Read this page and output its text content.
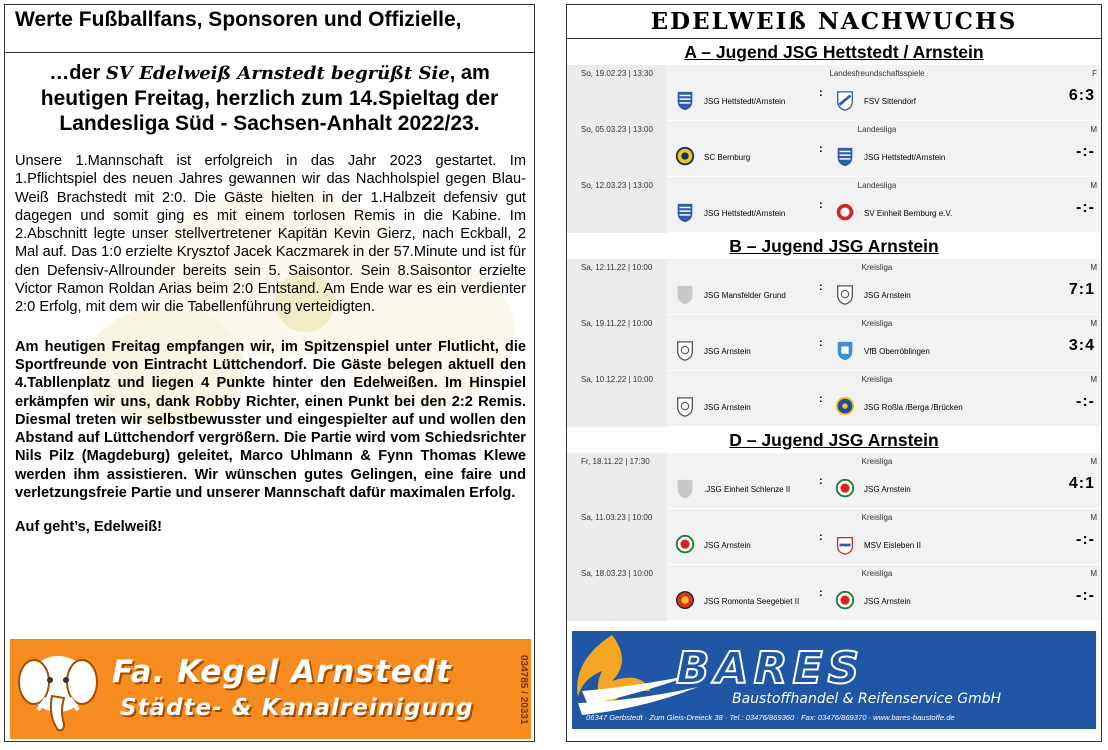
Werte Fußballfans, Sponsoren und Offizielle,
…der SV Edelweiß Arnstedt begrüßt Sie, am
heutigen Freitag, herzlich zum 14.Spieltag der
Landesliga Süd - Sachsen-Anhalt 2022/23.

Unsere 1.Mannschaft ist erfolgreich in das Jahr 2023 gestartet. Im 1.Pflichtspiel des neuen Jahres gewannen wir das Nachholspiel gegen Blau-Weiß Brachstedt mit 2:0. Die Gäste hielten in der 1.Halbzeit defensiv gut dagegen und somit ging es mit einem torlosen Remis in die Kabine. Im 2.Abschnitt legte unser stellvertretener Kapitän Kevin Gierz, nach Eckball, 2 Mal auf. Das 1:0 erzielte Krysztof Jacek Kaczmarek in der 57.Minute und ist für den Defensiv-Allrounder bereits sein 5. Saisontor. Sein 8.Saisontor erzielte Victor Ramon Roldan Arias beim 2:0 Entstand. Am Ende war es ein verdienter 2:0 Erfolg, mit dem wir die Tabellenführung verteidigten.

Am heutigen Freitag empfangen wir, im Spitzenspiel unter Flutlicht, die Sportfreunde von Eintracht Lüttchendorf. Die Gäste belegen aktuell den 4.Tabllenplatz und liegen 4 Punkte hinter den Edelweißen. Im Hinspiel erkämpfen wir uns, dank Robby Richter, einen Punkt bei den 2:2 Remis. Diesmal treten wir selbstbewusster und eingespielter auf und wollen den Abstand auf Lüttchendorf vergrößern. Die Partie wird vom Schiedsrichter Nils Pilz (Magdeburg) geleitet, Marco Uhlmann & Fynn Thomas Klewe werden ihm assistieren. Wir wünschen gutes Gelingen, eine faire und verletzungsfreie Partie und unserer Mannschaft dafür maximalen Erfolg.

Auf geht’s, Edelweiß!

Fa. Kegel Arnstedt
Städte- & Kanalreinigung	034785 / 20331
EDELWEIß NACHWUCHS
A – Jugend JSG Hettstedt / Arnstein
So, 19.02.23 | 13:30	Landesfreundschaftsspiele	F
JSG Hettstedt/Arnstein
:
FSV Sittendorf	6:3
So, 05.03.23 | 13:00	Landesliga	M
SC Bernburg
:
JSG Hettstedt/Arnstein	-:-
So, 12.03.23 | 13:00	Landesliga	M
JSG Hettstedt/Arnstein
:
SV Einheit Bernburg e.V.	-:-
B – Jugend JSG Arnstein
Sa, 12.11.22 | 10:00	Kreisliga	M
JSG Mansfelder Grund
:
JSG Arnstein	7:1
Sa, 19.11.22 | 10:00	Kreisliga	M
JSG Arnstein
:
VfB Oberröblingen	3:4
Sa, 10.12.22 | 10:00	Kreisliga	M
JSG Arnstein
:
JSG Roßla /Berga /Brücken	-:-
D – Jugend JSG Arnstein
Fr, 18.11.22 | 17:30	Kreisliga	M
.JSG Einheit Schlenze II
:
JSG Arnstein	4:1
Sa, 11.03.23 | 10:00	Kreisliga	M
JSG Arnstein
:
MSV Eisleben II	-:-
Sa, 18.03.23 | 10:00	Kreisliga	M
JSG Romonta Seegebiet II
:
JSG Arnstein	-:-
BARES
Baustoffhandel & Reifenservice GmbH
06347 Gerbstedt · Zum Gleis-Dreieck 38 · Tel.: 03476/869360 · Fax: 03476/869370 · www.bares-baustoffe.de
